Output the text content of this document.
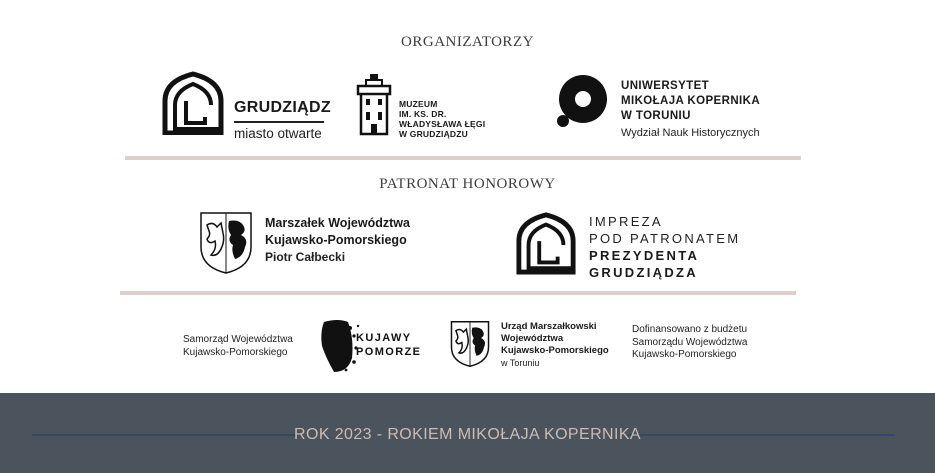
ORGANIZATORZY
GRUDZIĄDZ
miasto otwarte
MUZEUM
IM. KS. DR.
WŁADYSŁAWA ŁĘGI
W GRUDZIĄDZU
UNIWERSYTET
MIKOŁAJA KOPERNIKA
W TORUNIU
Wydział Nauk Historycznych
PATRONAT HONOROWY
Marszałek Województwa
Kujawsko-Pomorskiego
Piotr Całbecki
IMPREZA
POD PATRONATEM
PREZYDENTA
GRUDZIĄDZA
Samorząd Województwa
Kujawsko-Pomorskiego
KUJAWY
POMORZE
Urząd Marszałkowski
Województwa
Kujawsko-Pomorskiego
w Toruniu
Dofinansowano z budżetu
Samorządu Województwa
Kujawsko-Pomorskiego
ROK 2023 - ROKIEM MIKOŁAJA KOPERNIKA
